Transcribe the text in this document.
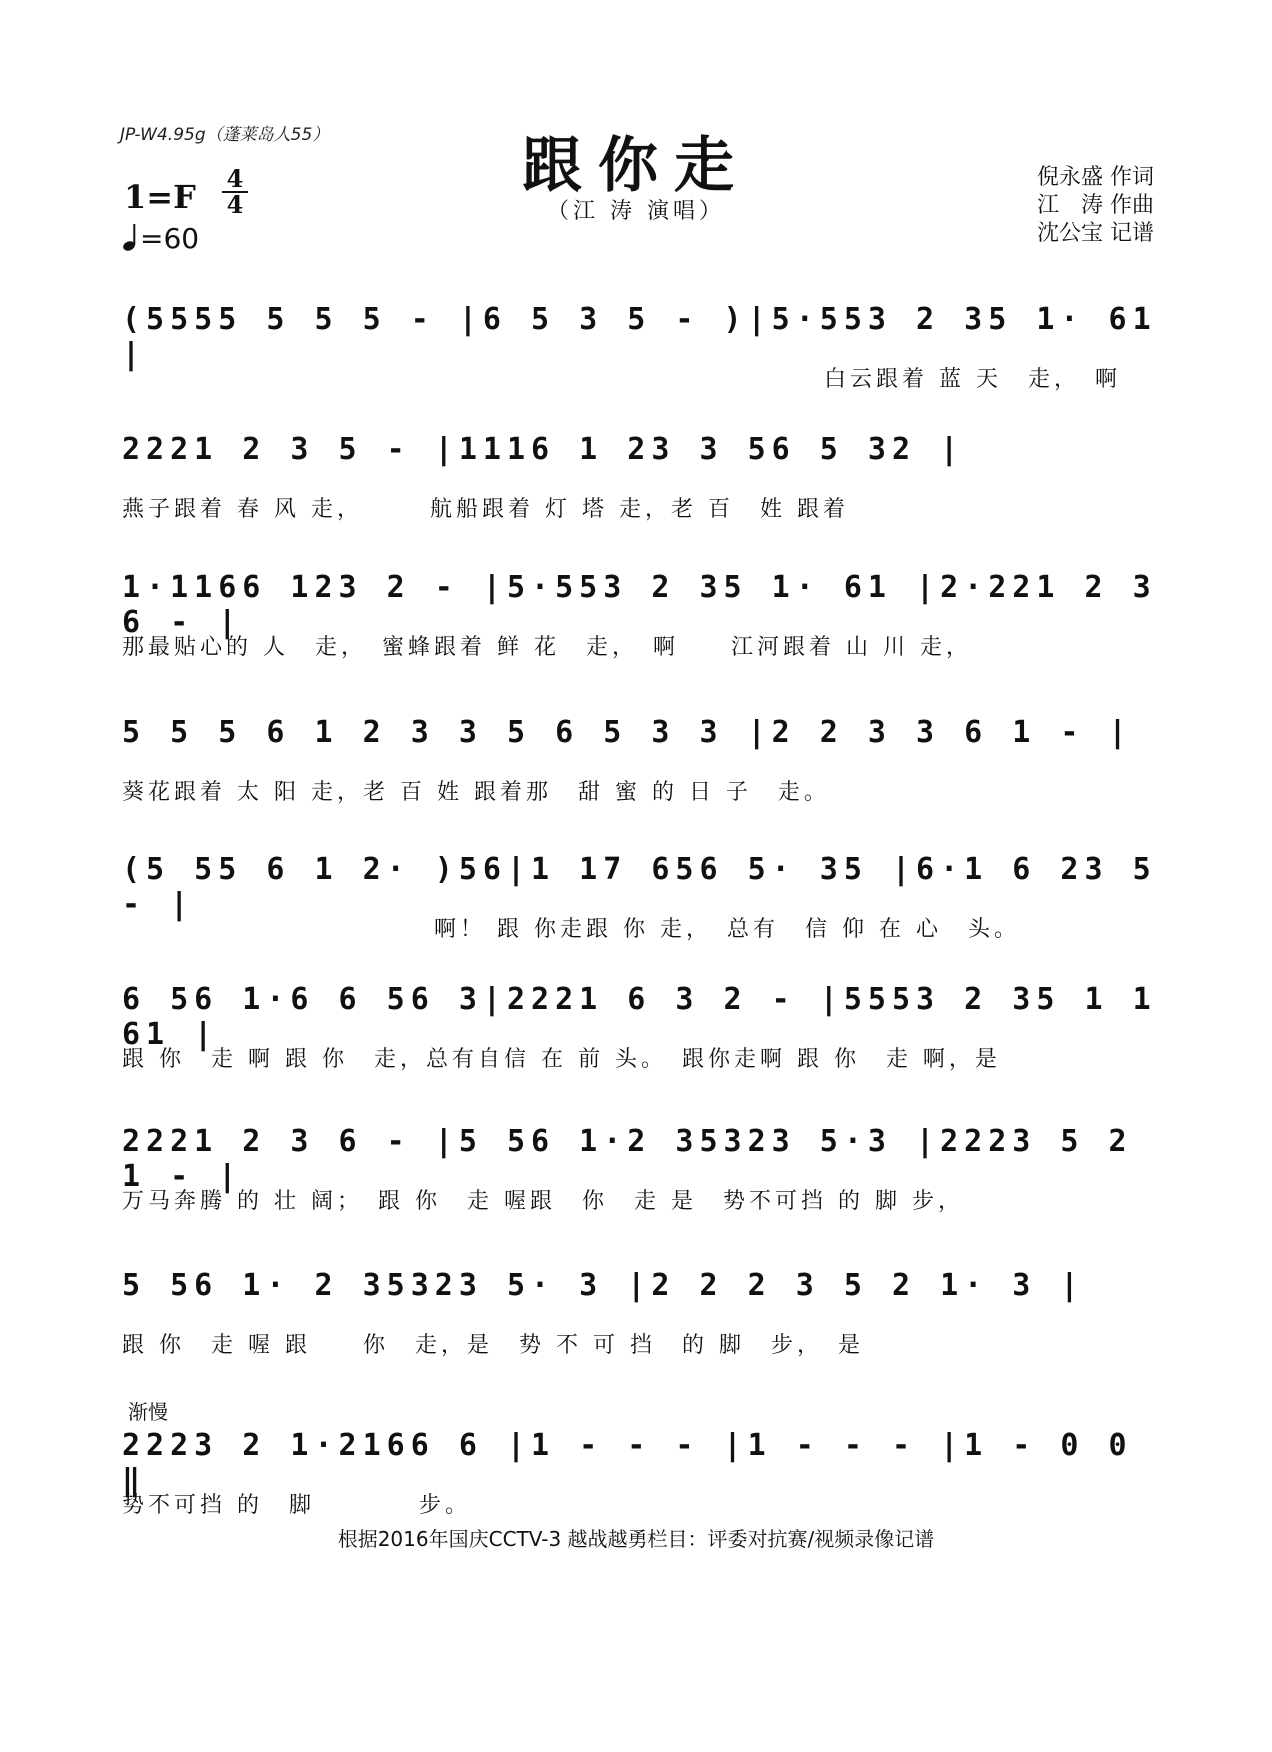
JP-W4.95g（蓬莱岛人55）	跟你走
（江 涛 演唱）
1=F 4
4
=60
倪永盛 作词
江　涛 作曲
沈公宝 记谱
(5555 5 5 5 - |6 5 3 5 - )|5·553 2 35 1· 61 |
　　　　　　　　　　　　　　　　　　　　　　　　　　　白云跟着 蓝 天　走，　啊
2221 2 3 5 - |1116 1 23 3 56 5 32 |
燕子跟着 春 风 走，　　　航船跟着 灯 塔 走，老 百　姓 跟着
1·1166 123 2 - |5·553 2 35 1· 61 |2·221 2 3 6 - |
那最贴心的 人　走，　蜜蜂跟着 鲜 花　走，　啊　　江河跟着 山 川 走，
5 5 5 6 1 2 3 3 5 6 5 3 3 |2 2 3 3 6 1 - |
葵花跟着 太 阳 走，老 百 姓 跟着那　甜 蜜 的 日 子　走。
(5 55 6 1 2· )56|1 17 656 5· 35 |6·1 6 23 5 - |
　　　　　　　　　　　　啊！ 跟 你走跟 你 走，　总有　信 仰 在 心　头。
6 56 1·6 6 56 3|2221 6 3 2 - |5553 2 35 1 1 61 |
跟 你　走 啊 跟 你　走，总有自信 在 前 头。　跟你走啊 跟 你　走 啊，是
2221 2 3 6 - |5 56 1·2 35323 5·3 |2223 5 2 1 - |
万马奔腾 的 壮 阔；　跟 你　走 喔跟　你　走 是　势不可挡 的 脚 步，
5 56 1· 2 35323 5· 3 |2 2 2 3 5 2 1· 3 |
跟 你　走 喔 跟　　你　走，是　势 不 可 挡　的 脚　步，　是
渐慢
2223 2 1·2166 6 |1 - - - |1 - - - |1 - 0 0 ‖
势不可挡 的　脚　　　　步。
根据2016年国庆CCTV-3 越战越勇栏目：评委对抗赛/视频录像记谱
